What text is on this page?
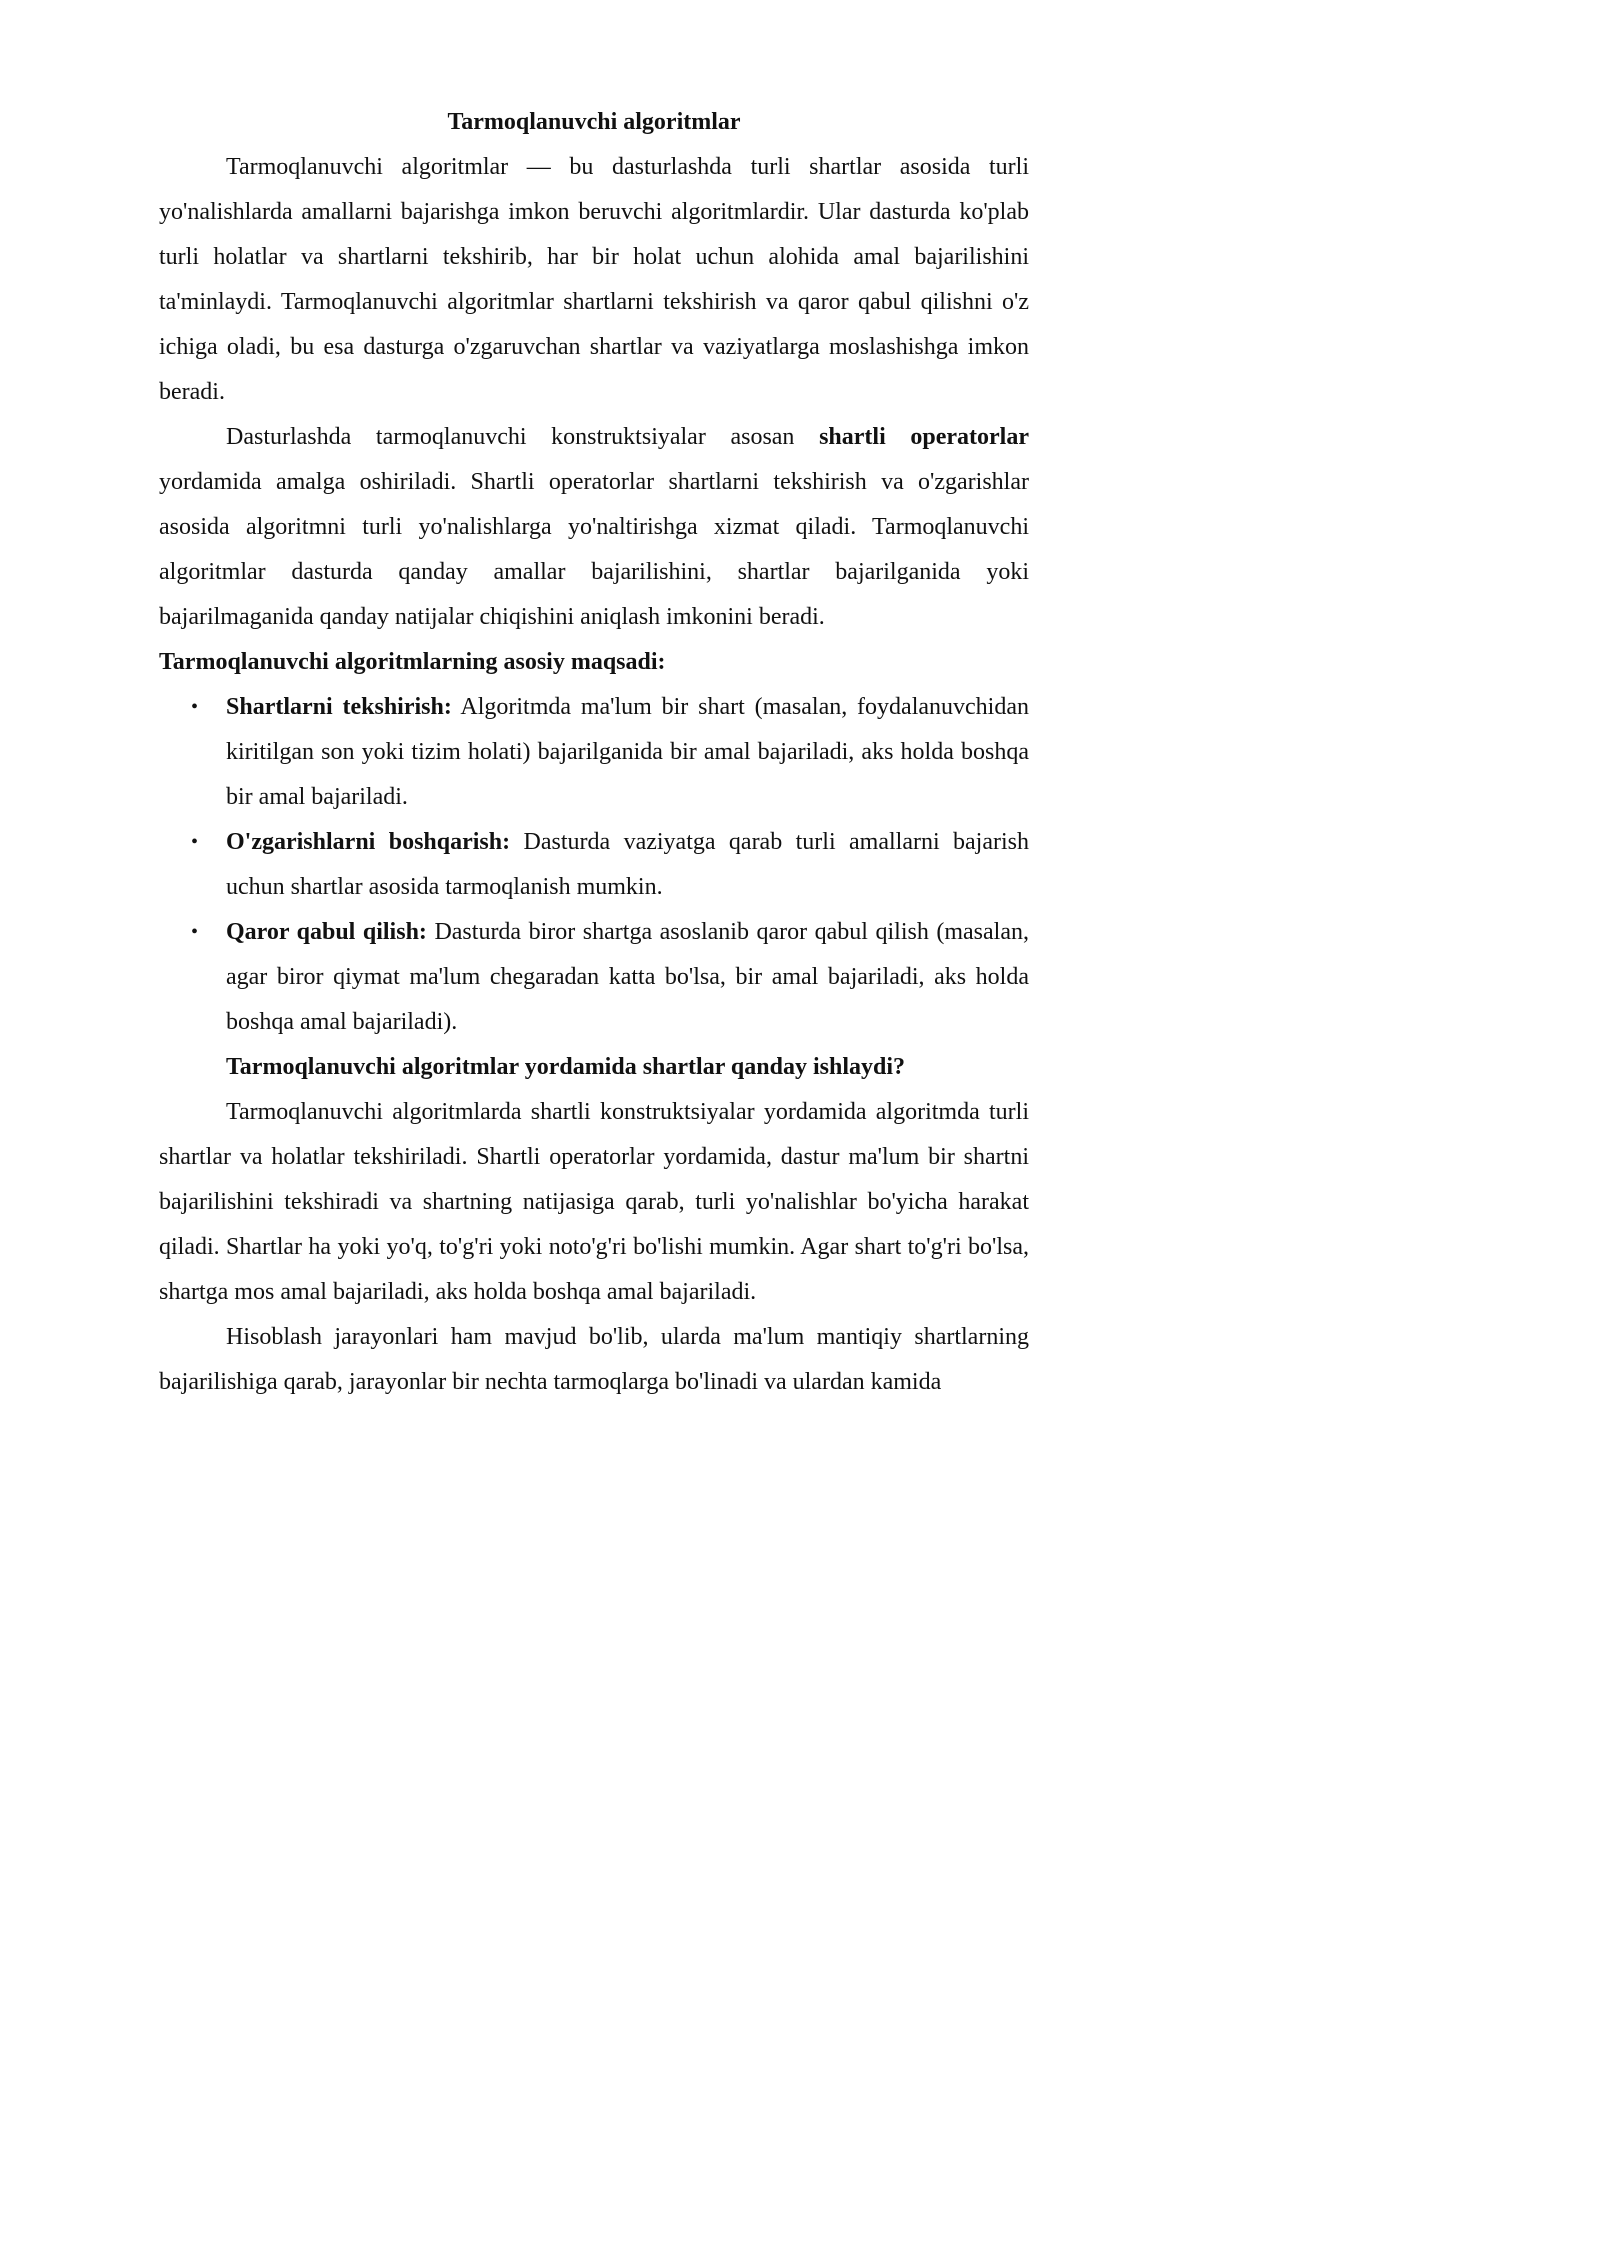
Tarmoqlanuvchi algoritmlar

Tarmoqlanuvchi algoritmlar — bu dasturlashda turli shartlar asosida turli yo'nalishlarda amallarni bajarishga imkon beruvchi algoritmlardir. Ular dasturda ko'plab turli holatlar va shartlarni tekshirib, har bir holat uchun alohida amal bajarilishini ta'minlaydi. Tarmoqlanuvchi algoritmlar shartlarni tekshirish va qaror qabul qilishni o'z ichiga oladi, bu esa dasturga o'zgaruvchan shartlar va vaziyatlarga moslashishga imkon beradi.

Dasturlashda tarmoqlanuvchi konstruktsiyalar asosan shartli operatorlar yordamida amalga oshiriladi. Shartli operatorlar shartlarni tekshirish va o'zgarishlar asosida algoritmni turli yo'nalishlarga yo'naltirishga xizmat qiladi. Tarmoqlanuvchi algoritmlar dasturda qanday amallar bajarilishini, shartlar bajarilganida yoki bajarilmaganida qanday natijalar chiqishini aniqlash imkonini beradi.

Tarmoqlanuvchi algoritmlarning asosiy maqsadi:

• Shartlarni tekshirish: Algoritmda ma'lum bir shart (masalan, foydalanuvchidan kiritilgan son yoki tizim holati) bajarilganida bir amal bajariladi, aks holda boshqa bir amal bajariladi.
• O'zgarishlarni boshqarish: Dasturda vaziyatga qarab turli amallarni bajarish uchun shartlar asosida tarmoqlanish mumkin.
• Qaror qabul qilish: Dasturda biror shartga asoslanib qaror qabul qilish (masalan, agar biror qiymat ma'lum chegaradan katta bo'lsa, bir amal bajariladi, aks holda boshqa amal bajariladi).

Tarmoqlanuvchi algoritmlar yordamida shartlar qanday ishlaydi?

Tarmoqlanuvchi algoritmlarda shartli konstruktsiyalar yordamida algoritmda turli shartlar va holatlar tekshiriladi. Shartli operatorlar yordamida, dastur ma'lum bir shartni bajarilishini tekshiradi va shartning natijasiga qarab, turli yo'nalishlar bo'yicha harakat qiladi. Shartlar ha yoki yo'q, to'g'ri yoki noto'g'ri bo'lishi mumkin. Agar shart to'g'ri bo'lsa, shartga mos amal bajariladi, aks holda boshqa amal bajariladi.

Hisoblash jarayonlari ham mavjud bo'lib, ularda ma'lum mantiqiy shartlarning bajarilishiga qarab, jarayonlar bir nechta tarmoqlarga bo'linadi va ulardan kamida
